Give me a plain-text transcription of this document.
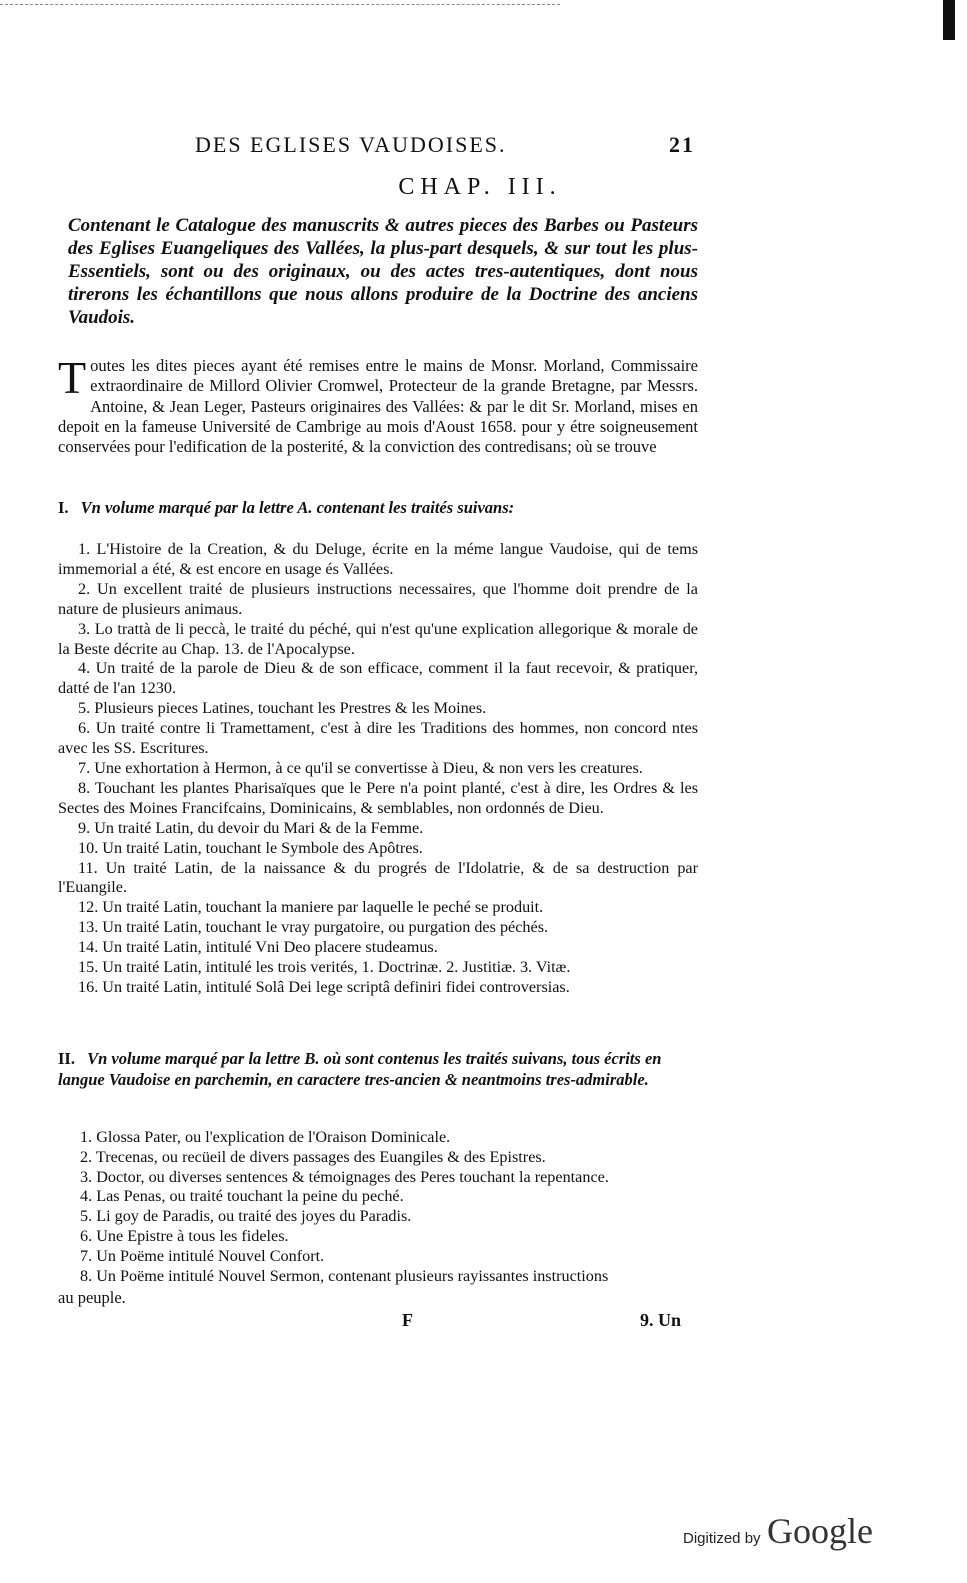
DES EGLISES VAUDOISES.	21
CHAP. III.
Contenant le Catalogue des manuscrits & autres pieces des Barbes ou Pasteurs des Eglises Euangeliques des Vallées, la plus-part desquels, & sur tout les plus-Essentiels, sont ou des originaux, ou des actes tres-autentiques, dont nous tirerons les échantillons que nous allons produire de la Doctrine des anciens Vaudois.
T outes les dites pieces ayant été remises entre le mains de Monsr. Morland, Commissaire extraordinaire de Millord Olivier Cromwel, Protecteur de la grande Bretagne, par Messrs. Antoine, & Jean Leger, Pasteurs originaires des Vallées: & par le dit Sr. Morland, mises en depoit en la fameuse Université de Cambrige au mois d'Aoust 1658. pour y étre soigneusement conservées pour l'edification de la posterité, & la conviction des contredisans; où se trouve
I. Vn volume marqué par la lettre A. contenant les traités suivans:
1. L'Histoire de la Creation, & du Deluge, écrite en la méme langue Vaudoise, qui de tems immemorial a été, & est encore en usage és Vallées.
2. Un excellent traité de plusieurs instructions necessaires, que l'homme doit prendre de la nature de plusieurs animaus.
3. Lo trattà de li peccà, le traité du péché, qui n'est qu'une explication allegorique & morale de la Beste décrite au Chap. 13. de l'Apocalypse.
4. Un traité de la parole de Dieu & de son efficace, comment il la faut recevoir, & pratiquer, datté de l'an 1230.
5. Plusieurs pieces Latines, touchant les Prestres & les Moines.
6. Un traité contre li Tramettament, c'est à dire les Traditions des hommes, non concord ntes avec les SS. Escritures.
7. Une exhortation à Hermon, à ce qu'il se convertisse à Dieu, & non vers les creatures.
8. Touchant les plantes Pharisaïques que le Pere n'a point planté, c'est à dire, les Ordres & les Sectes des Moines Francifcains, Dominicains, & semblables, non ordonnés de Dieu.
9. Un traité Latin, du devoir du Mari & de la Femme.
10. Un traité Latin, touchant le Symbole des Apôtres.
11. Un traité Latin, de la naissance & du progrés de l'Idolatrie, & de sa destruction par l'Euangile.
12. Un traité Latin, touchant la maniere par laquelle le peché se produit.
13. Un traité Latin, touchant le vray purgatoire, ou purgation des péchés.
14. Un traité Latin, intitulé Vni Deo placere studeamus.
15. Un traité Latin, intitulé les trois verités, 1. Doctrinæ. 2. Justitiæ. 3. Vitæ.
16. Un traité Latin, intitulé Solâ Dei lege scriptâ definiri fidei controversias.
II. Vn volume marqué par la lettre B. où sont contenus les traités suivans, tous écrits en langue Vaudoise en parchemin, en caractere tres-ancien & neantmoins tres-admirable.
1. Glossa Pater, ou l'explication de l'Oraison Dominicale.
2. Trecenas, ou recüeil de divers passages des Euangiles & des Epistres.
3. Doctor, ou diverses sentences & témoignages des Peres touchant la repentance.
4. Las Penas, ou traité touchant la peine du peché.
5. Li goy de Paradis, ou traité des joyes du Paradis.
6. Une Epistre à tous les fideles.
7. Un Poëme intitulé Nouvel Confort.
8. Un Poëme intitulé Nouvel Sermon, contenant plusieurs rayissantes instructions
au peuple.
F	9. Un
Digitized by Google
